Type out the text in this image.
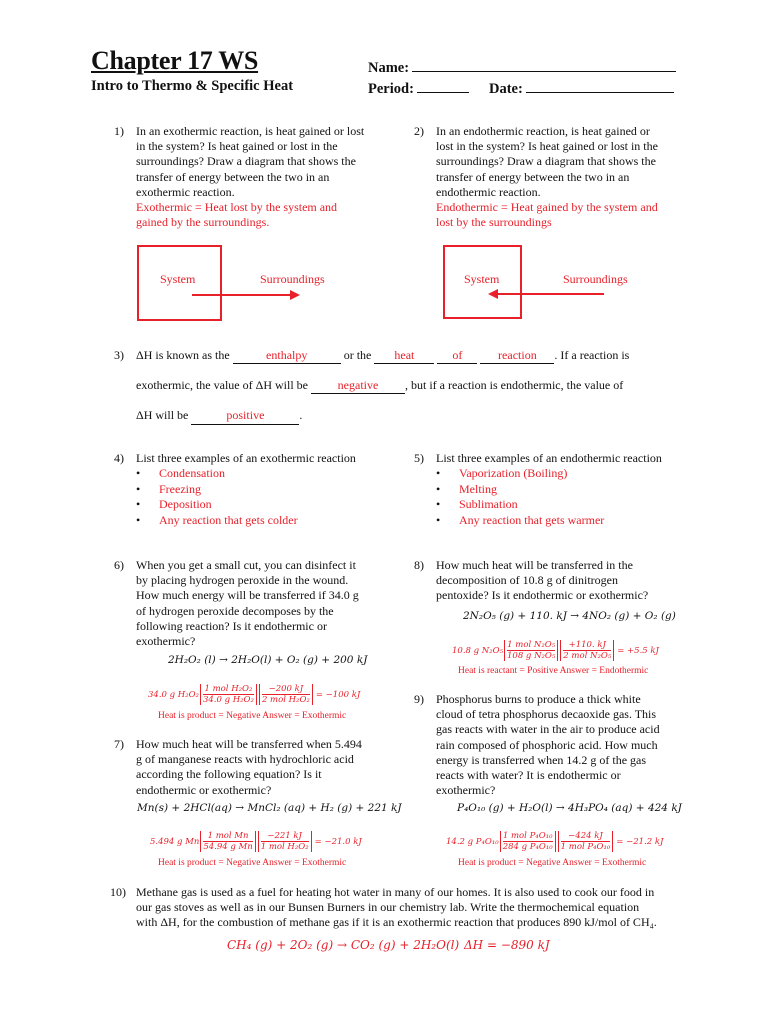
Chapter 17 WS
Intro to Thermo & Specific Heat
Name:
Period:	Date:
1) In an exothermic reaction, is heat gained or lost
in the system? Is heat gained or lost in the
surroundings? Draw a diagram that shows the
transfer of energy between the two in an
exothermic reaction.
Exothermic = Heat lost by the system and
gained by the surroundings.
System	Surroundings
2) In an endothermic reaction, is heat gained or
lost in the system? Is heat gained or lost in the
surroundings? Draw a diagram that shows the
transfer of energy between the two in an
endothermic reaction.
Endothermic = Heat gained by the system and
lost by the surroundings
System	Surroundings
3) ΔH is known as the	enthalpy	or the heat	of	reaction . If a reaction is
exothermic, the value of ΔH will be negative , but if a reaction is endothermic, the value of
ΔH will be	positive	.
4) List three examples of an exothermic reaction
• Condensation
• Freezing
• Deposition
• Any reaction that gets colder
5) List three examples of an endothermic reaction
• Vaporization (Boiling)
• Melting
• Sublimation
• Any reaction that gets warmer
6) When you get a small cut, you can disinfect it
by placing hydrogen peroxide in the wound.
How much energy will be transferred if 34.0 g
of hydrogen peroxide decomposes by the
following reaction? Is it endothermic or
exothermic?
2H₂O₂ (l) → 2H₂O(l) + O₂ (g) + 200 kJ
34.0 g $H_2O_2 \frac{\text{1 mol H₂O₂}}{\text{34.0 g H₂O₂}} \frac{-200 kJ}{\text{2 mol H₂O₂}} = -100$ kJ
Heat is product = Negative Answer = Exothermic
7) How much heat will be transferred when 5.494
g of manganese reacts with hydrochloric acid
according the following equation? Is it
endothermic or exothermic?
Mn(s) + 2HCl(aq) → MnCl₂ (aq) + H₂ (g) + 221 kJ
5.494 g Mn $\frac{\text{1 mol Mn}}{\text{54.94 g Mn}} \frac{-221 kJ}{\text{1 mol H₂O₂}} = -21.0$ kJ
Heat is product = Negative Answer = Exothermic
8) How much heat will be transferred in the
decomposition of 10.8 g of dinitrogen
pentoxide? Is it endothermic or exothermic?
2N₂O₅ (g) + 110. kJ → 4NO₂ (g) + O₂ (g)
10.8 g $N_2O_5 \frac{\text{1 mol N₂O₅}}{\text{108 g N₂O₅}} \frac{+110. kJ}{\text{2 mol N₂O₅}} = +5.5$ kJ
Heat is reactant = Positive Answer = Endothermic
9) Phosphorus burns to produce a thick white
cloud of tetra phosphorus decaoxide gas. This
gas reacts with water in the air to produce acid
rain composed of phosphoric acid. How much
energy is transferred when 14.2 g of the gas
reacts with water? It is endothermic or
exothermic?
P₄O₁₀ (g) + H₂O(l) → 4H₃PO₄ (aq) + 424 kJ
14.2 g $P_4O_{10} \frac{\text{1 mol P₄O₁₀}}{\text{284 g P₄O₁₀}} \frac{-424 kJ}{\text{1 mol P₄O₁₀}} = -21.2$ kJ
Heat is product = Negative Answer = Exothermic
10) Methane gas is used as a fuel for heating hot water in many of our homes. It is also used to cook our food in
our gas stoves as well as in our Bunsen Burners in our chemistry lab. Write the thermochemical equation
with ΔH, for the combustion of methane gas if it is an exothermic reaction that produces 890 kJ/mol of CH₄.
CH₄ (g) + 2O₂ (g) → CO₂ (g) + 2H₂O(l) ΔH = −890 kJ
